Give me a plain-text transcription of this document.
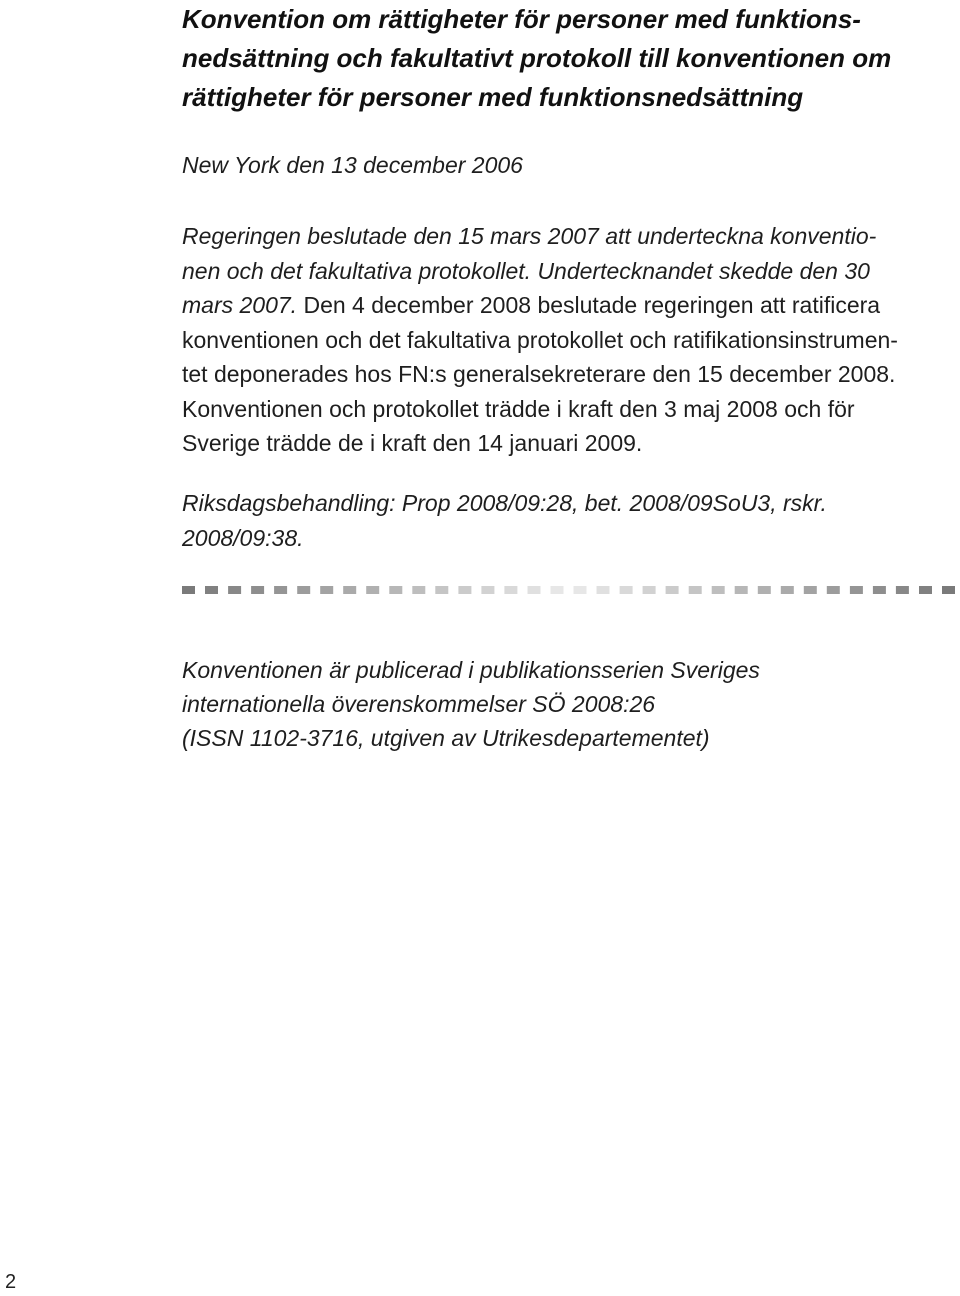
Konvention om rättigheter för personer med funktions-
nedsättning och fakultativt protokoll till konventionen om
rättigheter för personer med funktionsnedsättning
New York den 13 december 2006
Regeringen beslutade den 15 mars 2007 att underteckna konventio-
nen och det fakultativa protokollet. Undertecknandet skedde den 30
mars 2007. Den 4 december 2008 beslutade regeringen att ratificera
konventionen och det fakultativa protokollet och ratifikationsinstrumen-
tet deponerades hos FN:s generalsekreterare den 15 december 2008.
Konventionen och protokollet trädde i kraft den 3 maj 2008 och för
Sverige trädde de i kraft den 14 januari 2009.
Riksdagsbehandling: Prop 2008/09:28, bet. 2008/09SoU3, rskr.
2008/09:38.
Konventionen är publicerad i publikationsserien Sveriges
internationella överenskommelser SÖ 2008:26
(ISSN 1102-3716, utgiven av Utrikesdepartementet)
2
